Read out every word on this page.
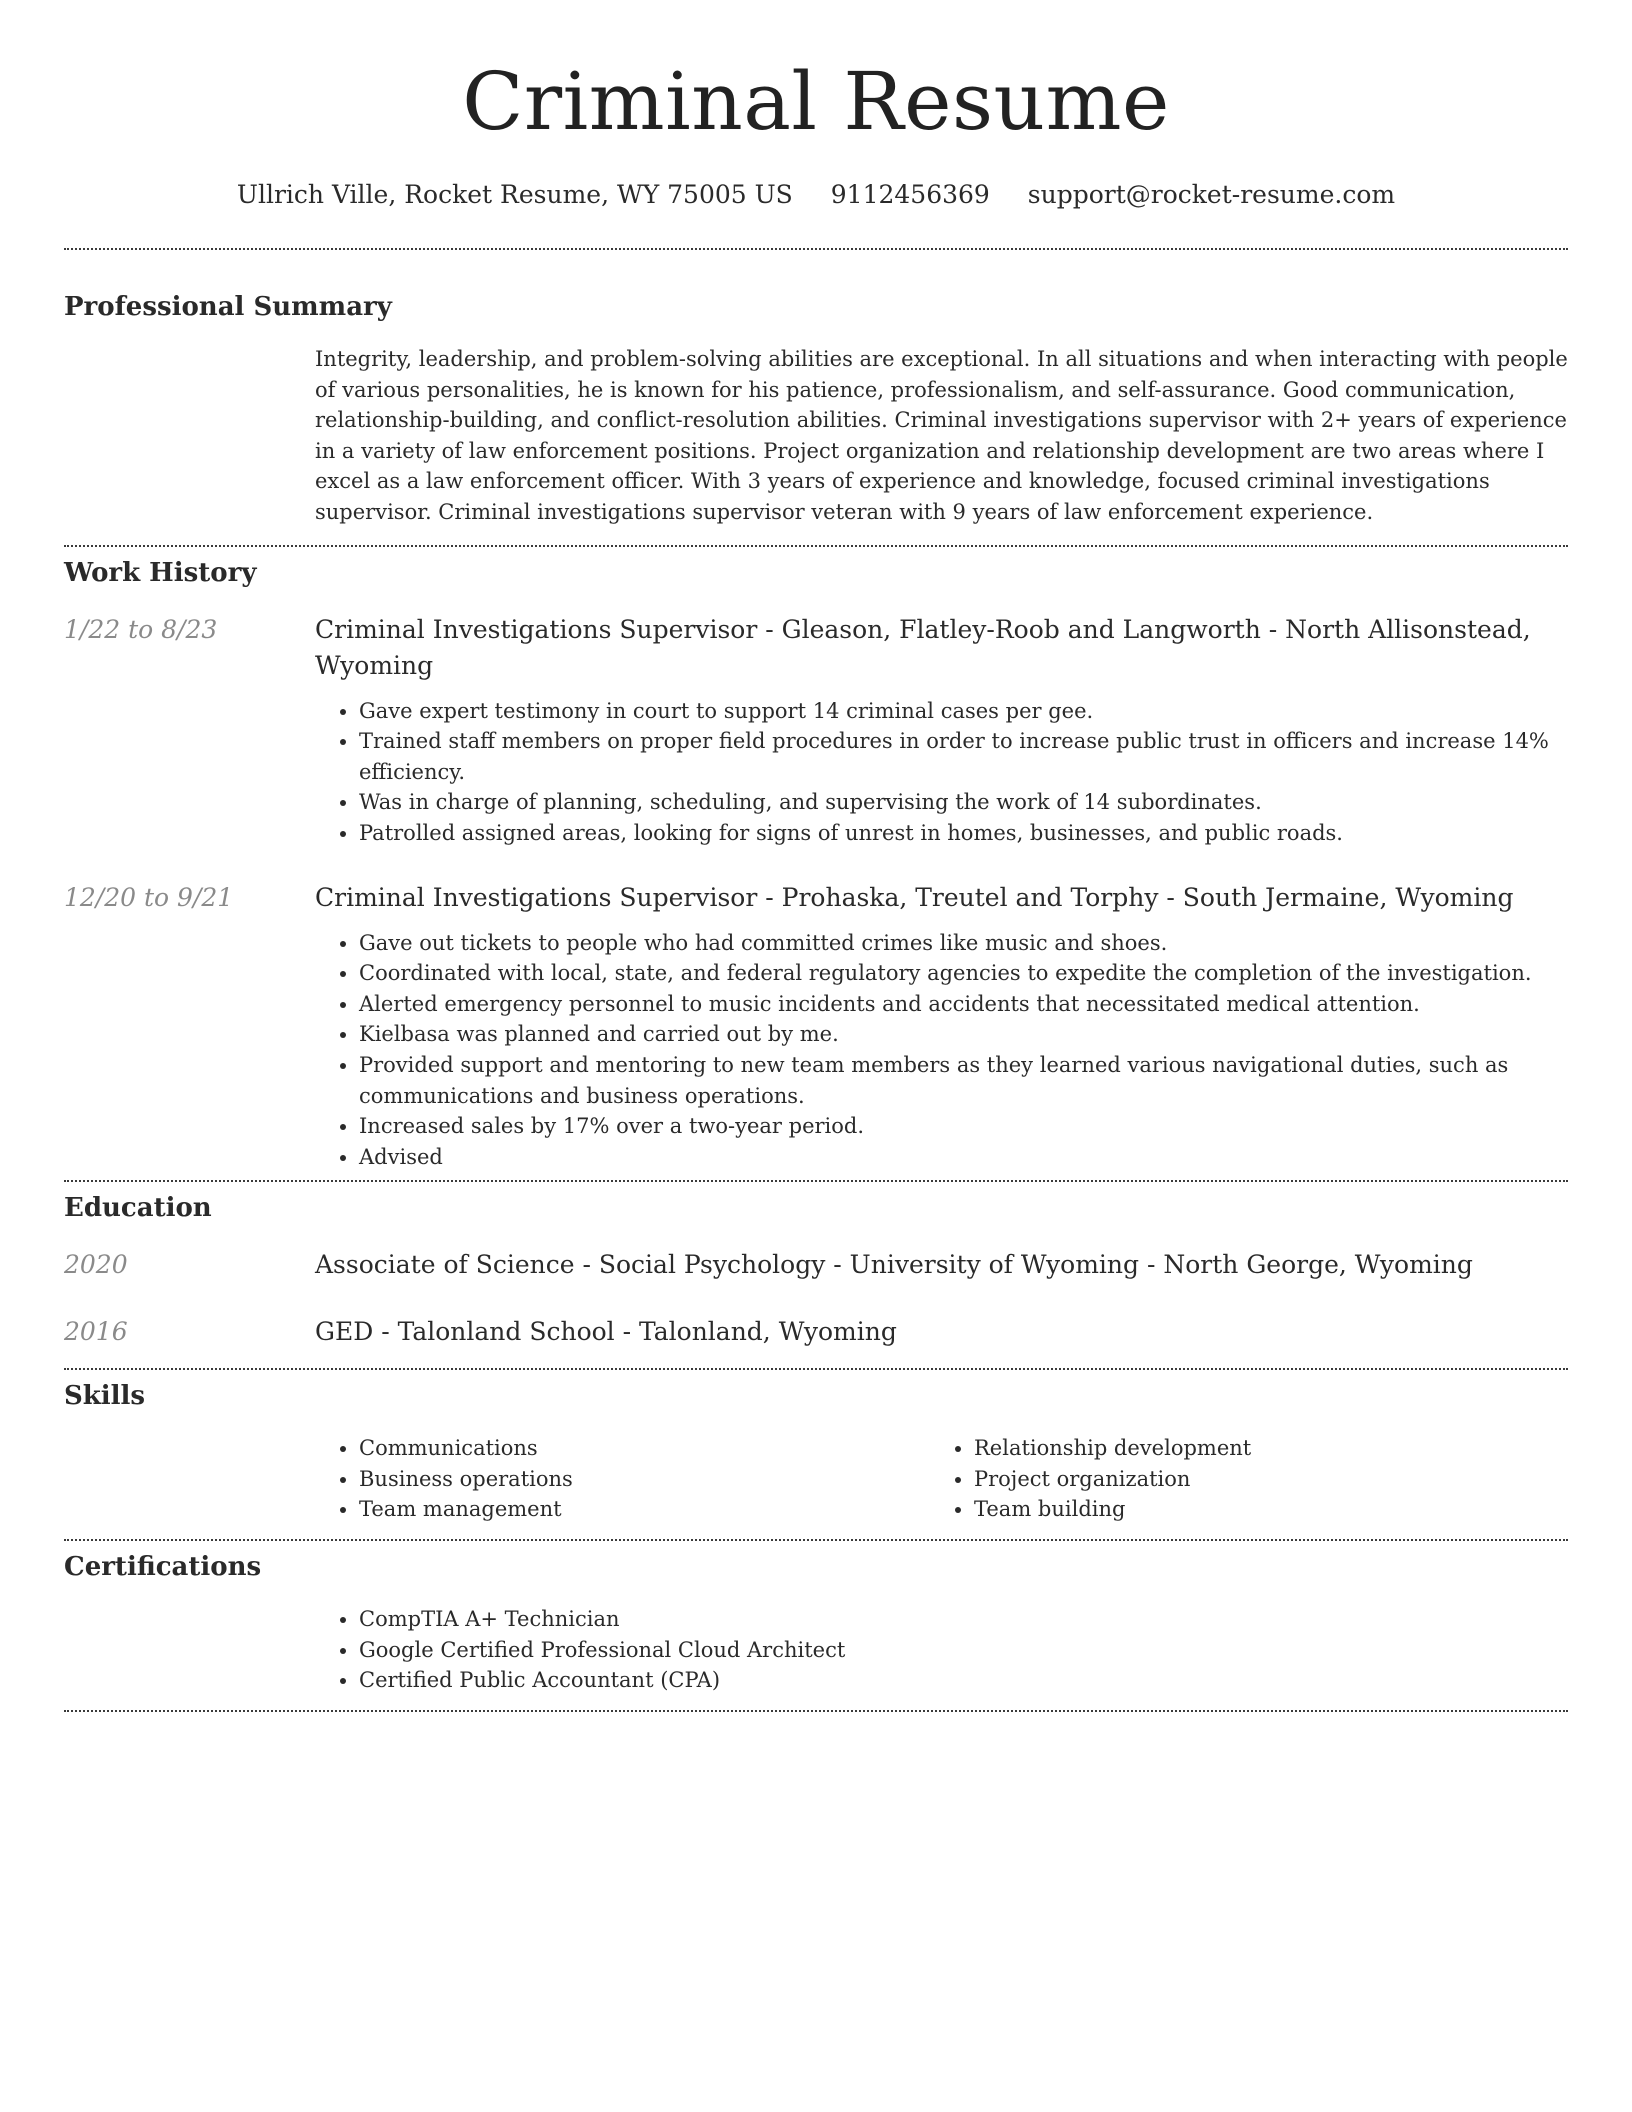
Criminal Resume
Ullrich Ville, Rocket Resume, WY 75005 US 9112456369 support@rocket-resume.com
Professional Summary
Integrity, leadership, and problem-solving abilities are exceptional. In all situations and when interacting with people of various personalities, he is known for his patience, professionalism, and self-assurance. Good communication, relationship-building, and conflict-resolution abilities. Criminal investigations supervisor with 2+ years of experience in a variety of law enforcement positions. Project organization and relationship development are two areas where I excel as a law enforcement officer. With 3 years of experience and knowledge, focused criminal investigations supervisor. Criminal investigations supervisor veteran with 9 years of law enforcement experience.
Work History
1/22 to 8/23	Criminal Investigations Supervisor - Gleason, Flatley-Roob and Langworth - North Allisonstead, Wyoming
• Gave expert testimony in court to support 14 criminal cases per gee.
• Trained staff members on proper field procedures in order to increase public trust in officers and increase 14% efficiency.
• Was in charge of planning, scheduling, and supervising the work of 14 subordinates.
• Patrolled assigned areas, looking for signs of unrest in homes, businesses, and public roads.
12/20 to 9/21	Criminal Investigations Supervisor - Prohaska, Treutel and Torphy - South Jermaine, Wyoming
• Gave out tickets to people who had committed crimes like music and shoes.
• Coordinated with local, state, and federal regulatory agencies to expedite the completion of the investigation.
• Alerted emergency personnel to music incidents and accidents that necessitated medical attention.
• Kielbasa was planned and carried out by me.
• Provided support and mentoring to new team members as they learned various navigational duties, such as communications and business operations.
• Increased sales by 17% over a two-year period.
• Advised
Education
2020	Associate of Science - Social Psychology - University of Wyoming - North George, Wyoming
2016	GED - Talonland School - Talonland, Wyoming
Skills
• Communications
• Business operations
• Team management
• Relationship development
• Project organization
• Team building
Certifications
• CompTIA A+ Technician
• Google Certified Professional Cloud Architect
• Certified Public Accountant (CPA)
